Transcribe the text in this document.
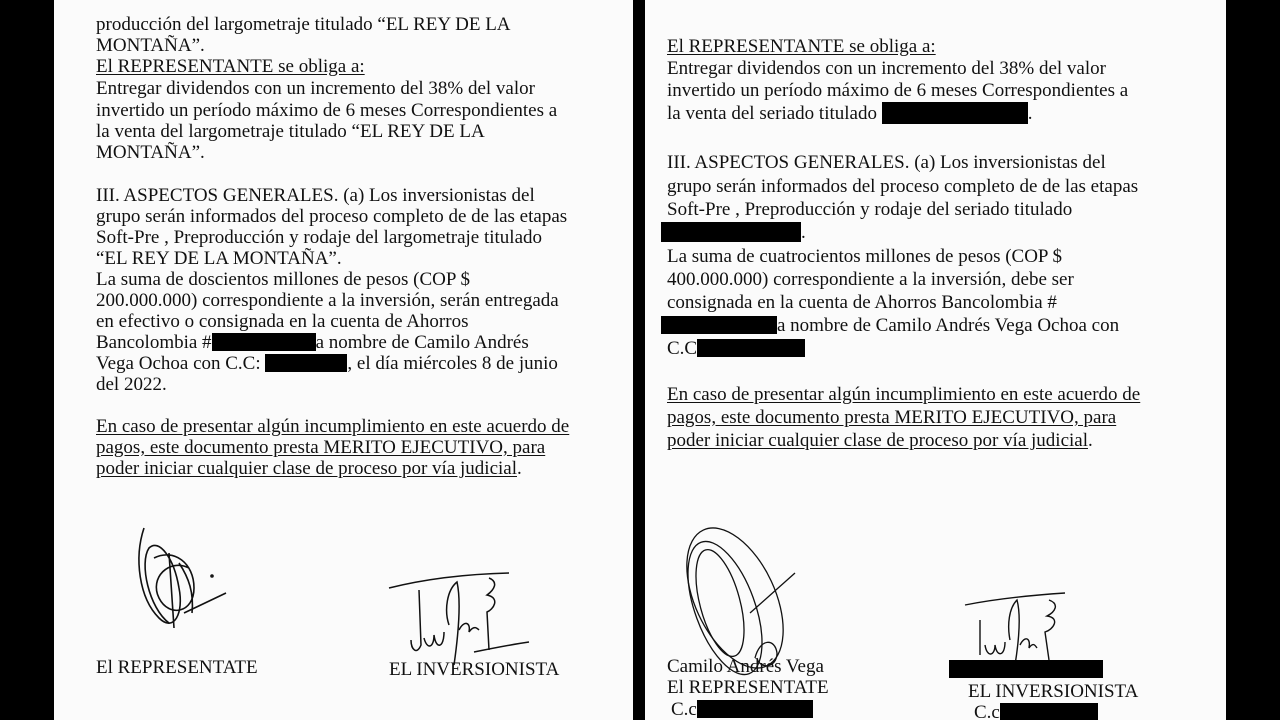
producción del largometraje titulado “EL REY DE LA
MONTAÑA”.
El REPRESENTANTE se obliga a:
Entregar dividendos con un incremento del 38% del valor
invertido un período máximo de 6 meses Correspondientes a
la venta del largometraje titulado “EL REY DE LA
MONTAÑA”.
III. ASPECTOS GENERALES. (a) Los inversionistas del
grupo serán informados del proceso completo de de las etapas
Soft-Pre , Preproducción y rodaje del largometraje titulado
“EL REY DE LA MONTAÑA”.
La suma de doscientos millones de pesos (COP $
200.000.000) correspondiente a la inversión, serán entregada
en efectivo o consignada en la cuenta de Ahorros
Bancolombia #	a nombre de Camilo Andrés
Vega Ochoa con C.C:	, el día miércoles 8 de junio
del 2022.
En caso de presentar algún incumplimiento en este acuerdo de
pagos, este documento presta MERITO EJECUTIVO, para
poder iniciar cualquier clase de proceso por vía judicial.
El REPRESENTATE	EL INVERSIONISTA
El REPRESENTANTE se obliga a:
Entregar dividendos con un incremento del 38% del valor
invertido un período máximo de 6 meses Correspondientes a
la venta del seriado titulado	.
III. ASPECTOS GENERALES. (a) Los inversionistas del
grupo serán informados del proceso completo de de las etapas
Soft-Pre , Preproducción y rodaje del seriado titulado
.
La suma de cuatrocientos millones de pesos (COP $
400.000.000) correspondiente a la inversión, debe ser
consignada en la cuenta de Ahorros Bancolombia #
a nombre de Camilo Andrés Vega Ochoa con
C.C
En caso de presentar algún incumplimiento en este acuerdo de
pagos, este documento presta MERITO EJECUTIVO, para
poder iniciar cualquier clase de proceso por vía judicial.
Camilo Andrés Vega
El REPRESENTATE
C.c
EL INVERSIONISTA
C.c
